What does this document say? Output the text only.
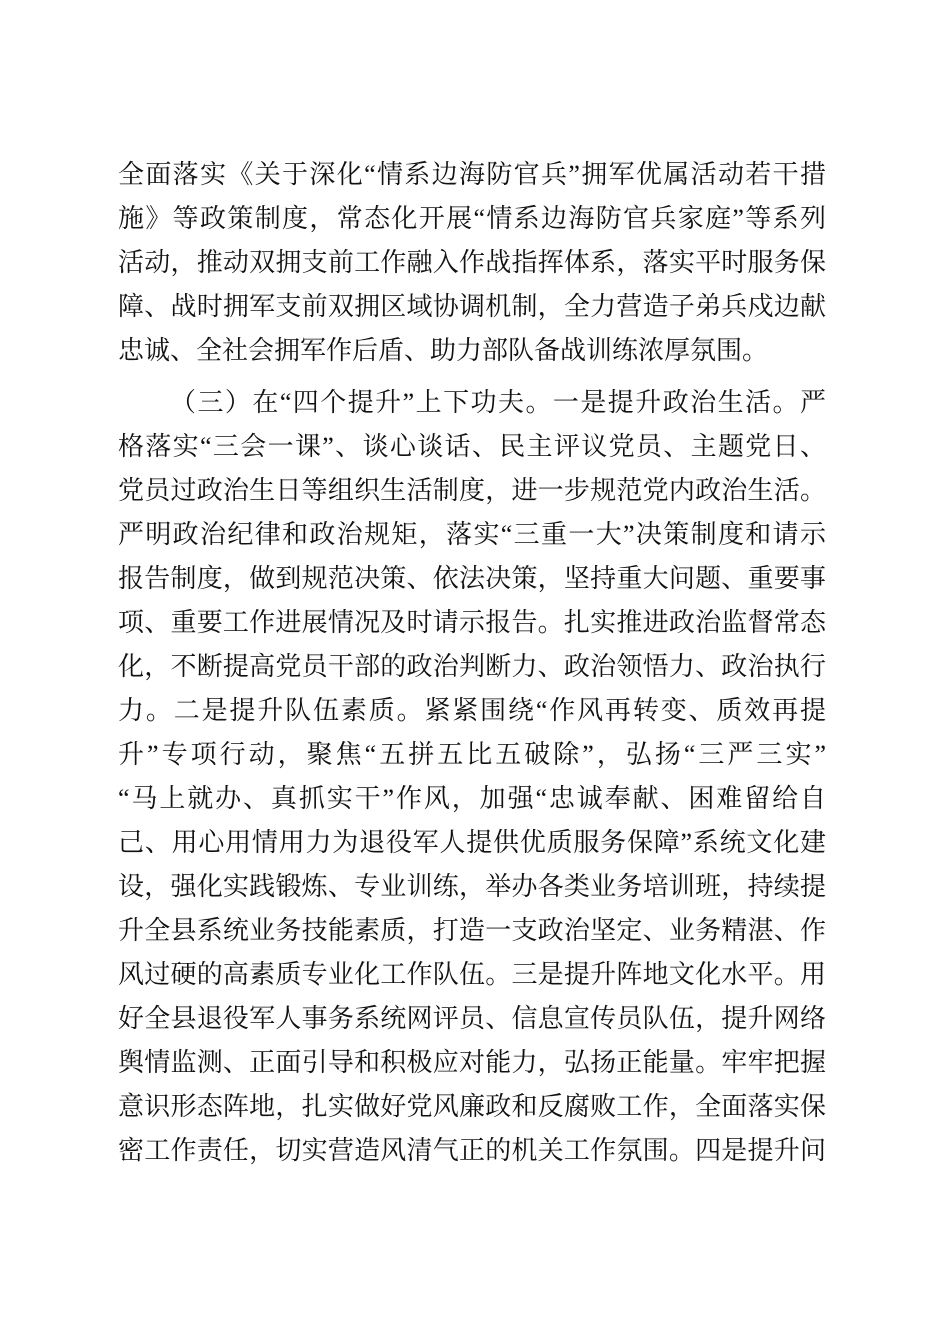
全面落实《关于深化“情系边海防官兵”拥军优属活动若干措
施》等政策制度，常态化开展“情系边海防官兵家庭”等系列
活动，推动双拥支前工作融入作战指挥体系，落实平时服务保
障、战时拥军支前双拥区域协调机制，全力营造子弟兵戍边献
忠诚、全社会拥军作后盾、助力部队备战训练浓厚氛围。
（三）在“四个提升”上下功夫。一是提升政治生活。严
格落实“三会一课”、谈心谈话、民主评议党员、主题党日、
党员过政治生日等组织生活制度，进一步规范党内政治生活。
严明政治纪律和政治规矩，落实“三重一大”决策制度和请示
报告制度，做到规范决策、依法决策，坚持重大问题、重要事
项、重要工作进展情况及时请示报告。扎实推进政治监督常态
化，不断提高党员干部的政治判断力、政治领悟力、政治执行
力。二是提升队伍素质。紧紧围绕“作风再转变、质效再提
升”专项行动，聚焦“五拼五比五破除”，弘扬“三严三实”
“马上就办、真抓实干”作风，加强“忠诚奉献、困难留给自
己、用心用情用力为退役军人提供优质服务保障”系统文化建
设，强化实践锻炼、专业训练，举办各类业务培训班，持续提
升全县系统业务技能素质，打造一支政治坚定、业务精湛、作
风过硬的高素质专业化工作队伍。三是提升阵地文化水平。用
好全县退役军人事务系统网评员、信息宣传员队伍，提升网络
舆情监测、正面引导和积极应对能力，弘扬正能量。牢牢把握
意识形态阵地，扎实做好党风廉政和反腐败工作，全面落实保
密工作责任，切实营造风清气正的机关工作氛围。四是提升问
